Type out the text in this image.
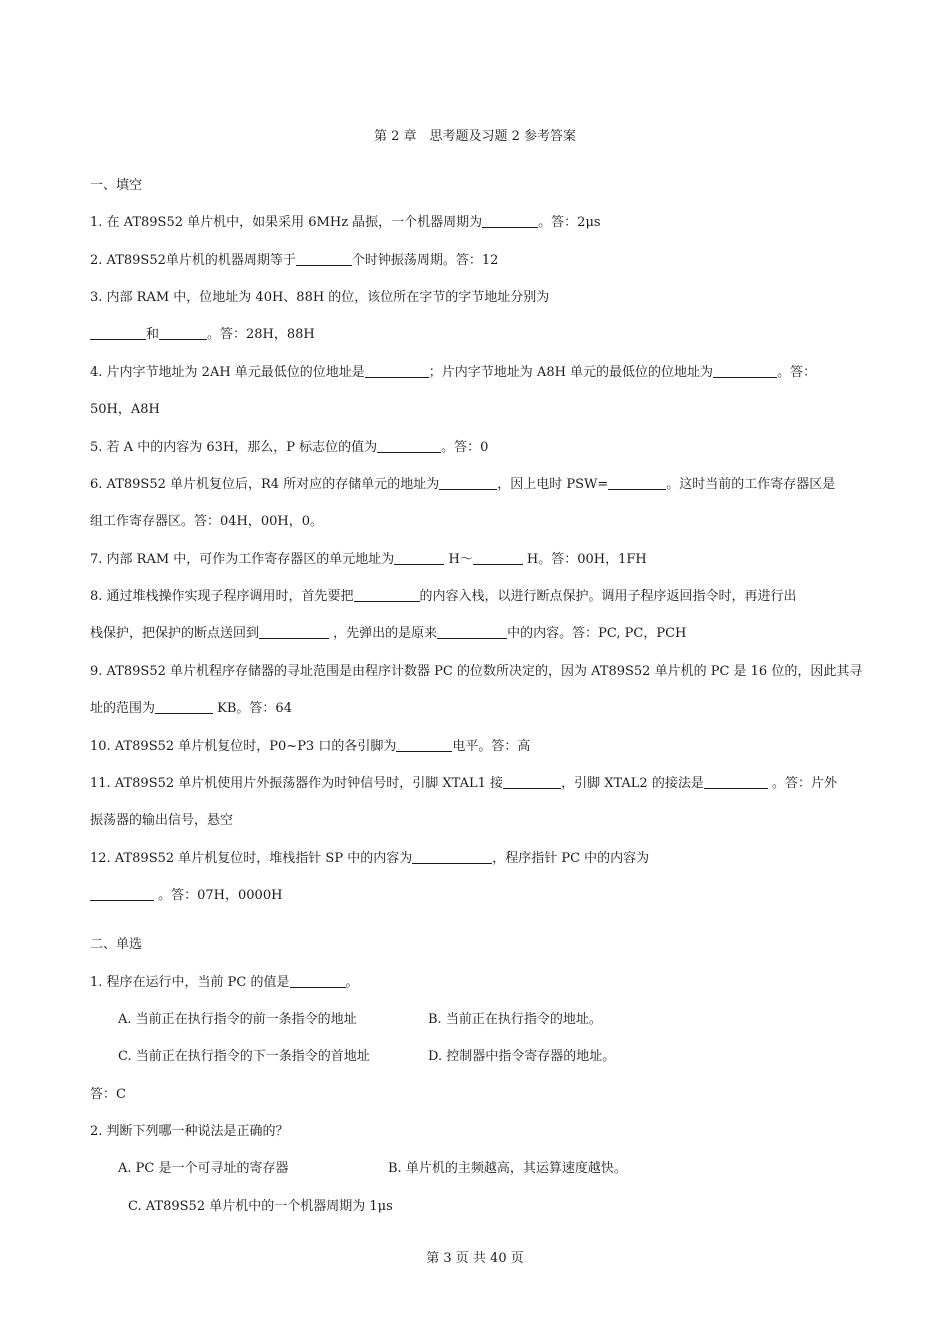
第 2 章　思考题及习题 2 参考答案
一、填空
1. 在 AT89S52 单片机中，如果采用 6MHz 晶振，一个机器周期为	。答：2μs
2. AT89S52单片机的机器周期等于	个时钟振荡周期。答：12
3. 内部 RAM 中，位地址为 40H、88H 的位，该位所在字节的字节地址分别为
和	。答：28H，88H
4. 片内字节地址为 2AH 单元最低位的位地址是	；片内字节地址为 A8H 单元的最低位的位地址为	。答：
50H，A8H
5. 若 A 中的内容为 63H，那么，P 标志位的值为	。答：0
6. AT89S52 单片机复位后，R4 所对应的存储单元的地址为	，因上电时 PSW=	。这时当前的工作寄存器区是
组工作寄存器区。答：04H，00H，0。
7. 内部 RAM 中，可作为工作寄存器区的单元地址为	H～	H。答：00H，1FH
8. 通过堆栈操作实现子程序调用时，首先要把	的内容入栈，以进行断点保护。调用子程序返回指令时，再进行出
栈保护，把保护的断点送回到	，先弹出的是原来	中的内容。答：PC, PC，PCH
9. AT89S52 单片机程序存储器的寻址范围是由程序计数器 PC 的位数所决定的，因为 AT89S52 单片机的 PC 是 16 位的，因此其寻
址的范围为	KB。答：64
10. AT89S52 单片机复位时，P0~P3 口的各引脚为	电平。答：高
11. AT89S52 单片机使用片外振荡器作为时钟信号时，引脚 XTAL1 接	，引脚 XTAL2 的接法是	。答：片外
振荡器的输出信号，悬空
12. AT89S52 单片机复位时，堆栈指针 SP 中的内容为	，程序指针 PC 中的内容为
。答：07H，0000H
二、单选
1. 程序在运行中，当前 PC 的值是	。
A. 当前正在执行指令的前一条指令的地址	B. 当前正在执行指令的地址。
C. 当前正在执行指令的下一条指令的首地址	D. 控制器中指令寄存器的地址。
答：C
2. 判断下列哪一种说法是正确的？
A. PC 是一个可寻址的寄存器	B. 单片机的主频越高，其运算速度越快。
C. AT89S52 单片机中的一个机器周期为 1μs
第 3 页 共 40 页
